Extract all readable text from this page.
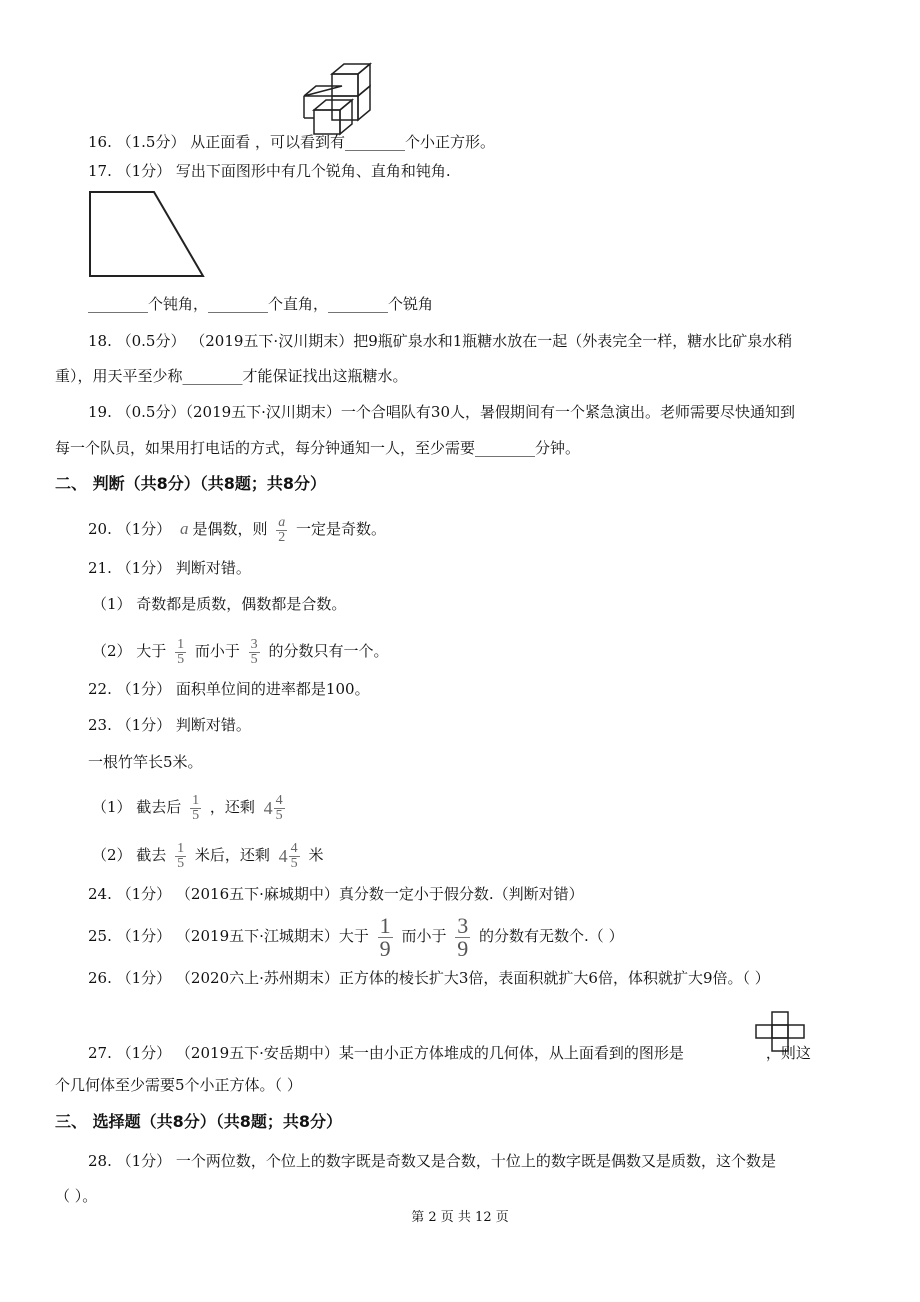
16. （1.5分） 从正面看 ，可以看到有________个小正方形。
17. （1分） 写出下面图形中有几个锐角、直角和钝角.
________个钝角，________个直角，________个锐角
18. （0.5分） （2019五下·汉川期末）把9瓶矿泉水和1瓶糖水放在一起（外表完全一样，糖水比矿泉水稍
重），用天平至少称________才能保证找出这瓶糖水。
19. （0.5分）（2019五下·汉川期末）一个合唱队有30人，暑假期间有一个紧急演出。老师需要尽快通知到
每一个队员，如果用打电话的方式，每分钟通知一人，至少需要________分钟。
二、 判断（共8分）（共8题；共8分）
20. （1分） a 是偶数，则 $\frac{a}{2}$ 一定是奇数。
21. （1分） 判断对错。
（1） 奇数都是质数，偶数都是合数。
（2） 大于 $\frac{1}{5}$ 而小于 $\frac{3}{5}$ 的分数只有一个。
22. （1分） 面积单位间的进率都是100。
23. （1分） 判断对错。
一根竹竿长5米。
（1） 截去后 $\frac{1}{5}$ ，还剩 $4 \frac{4}{5}$
（2） 截去 $\frac{1}{5}$ 米后，还剩 $4 \frac{4}{5}$ 米
24. （1分） （2016五下·麻城期中）真分数一定小于假分数.（判断对错）
25. （1分） （2019五下·江城期末）大于 $\frac{1}{9}$ 而小于 $\frac{3}{9}$ 的分数有无数个.（ ）
26. （1分） （2020六上·苏州期末）正方体的棱长扩大3倍，表面积就扩大6倍，体积就扩大9倍。（ ）
27. （1分） （2019五下·安岳期中）某一由小正方体堆成的几何体，从上面看到的图形是	，则这
个几何体至少需要5个小正方体。（ ）
三、 选择题（共8分）（共8题；共8分）
28. （1分） 一个两位数，个位上的数字既是奇数又是合数，十位上的数字既是偶数又是质数，这个数是
（ ）。
第 2 页 共 12 页
